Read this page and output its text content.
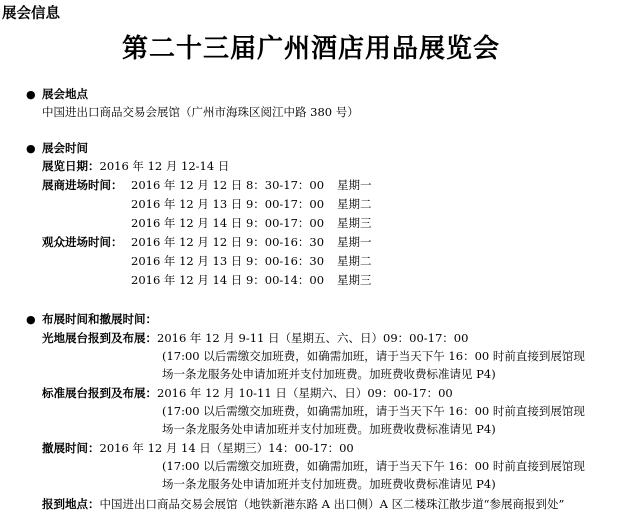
展会信息
第二十三届广州酒店用品展览会
● 展会地点
中国进出口商品交易会展馆（广州市海珠区阅江中路 380 号）
● 展会时间
展览日期：2016 年 12 月 12-14 日
展商进场时间： 2016 年 12 月 12 日 8：30-17：00 星期一
2016 年 12 月 13 日 9：00-17：00 星期二
2016 年 12 月 14 日 9：00-17：00 星期三
观众进场时间： 2016 年 12 月 12 日 9：00-16：30 星期一
2016 年 12 月 13 日 9：00-16：30 星期二
2016 年 12 月 14 日 9：00-14：00 星期三
● 布展时间和撤展时间：
光地展台报到及布展：2016 年 12 月 9-11 日（星期五、六、日）09：00-17：00
(17:00 以后需缴交加班费，如确需加班，请于当天下午 16：00 时前直接到展馆现
场一条龙服务处申请加班并支付加班费。加班费收费标准请见 P4)
标准展台报到及布展：2016 年 12 月 10-11 日（星期六、日）09：00-17：00
(17:00 以后需缴交加班费，如确需加班，请于当天下午 16：00 时前直接到展馆现
场一条龙服务处申请加班并支付加班费。加班费收费标准请见 P4)
撤展时间：2016 年 12 月 14 日（星期三）14：00-17：00
(17:00 以后需缴交加班费，如确需加班，请于当天下午 16：00 时前直接到展馆现
场一条龙服务处申请加班并支付加班费。加班费收费标准请见 P4)
报到地点：中国进出口商品交易会展馆（地铁新港东路 A 出口侧）A 区二楼珠江散步道“参展商报到处”
